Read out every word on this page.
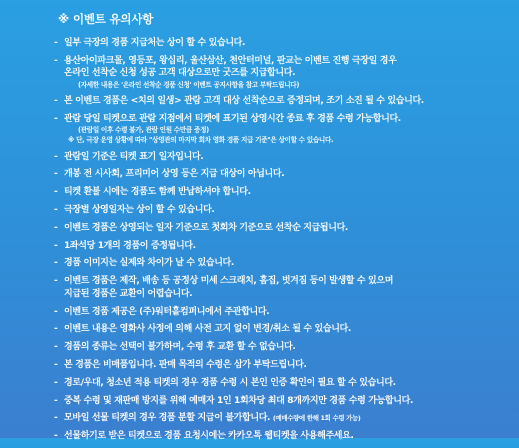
※ 이벤트 유의사항
- 일부 극장의 경품 지급처는 상이 할 수 있습니다.
- 용산아이파크몰, 영등포, 왕십리, 울산삼산, 천안터미널, 판교는 이벤트 진행 극장일 경우
온라인 선착순 신청 성공 고객 대상으로만 굿즈를 지급합니다.
(자세한 내용은 '온라인 선착순 경품 신청' 이벤트 공지사항을 참고 부탁드립니다)
- 본 이벤트 경품은 <치의 일생> 관람 고객 대상 선착순으로 증정되며, 조기 소진 될 수 있습니다.
- 관람 당일 티켓으로 관람 지점에서 티켓에 표기된 상영시간 종료 후 경품 수령 가능합니다.
(관람일 이후 수령 불가, 관람 인원 수만큼 증정)
※ 단, 극장 운영 상황에 따라 "상영관의 마지막 회차 영화 경품 지급 기준"은 상이할 수 있습니다.
- 관람일 기준은 티켓 표기 일자입니다.
- 개봉 전 시사회, 프리미어 상영 등은 지급 대상이 아닙니다.
- 티켓 환불 시에는 경품도 함께 반납하셔야 합니다.
- 극장별 상영일자는 상이 할 수 있습니다.
- 이벤트 경품은 상영되는 일자 기준으로 첫회차 기준으로 선착순 지급됩니다.
- 1좌석당 1개의 경품이 증정됩니다.
- 경품 이미지는 실제와 차이가 날 수 있습니다.
- 이벤트 경품은 제작, 배송 등 공정상 미세 스크래치, 흠집, 벗겨짐 등이 발생할 수 있으며
지급된 경품은 교환이 어렵습니다.
- 이벤트 경품 제공은 (주)워터홀컴퍼니에서 주관합니다.
- 이벤트 내용은 영화사 사정에 의해 사전 고지 없이 변경/취소 될 수 있습니다.
- 경품의 종류는 선택이 불가하며, 수령 후 교환 할 수 없습니다.
- 본 경품은 비매품입니다. 판매 목적의 수령은 삼가 부탁드립니다.
- 경로/우대, 청소년 적용 티켓의 경우 경품 수령 시 본인 인증 확인이 필요 할 수 있습니다.
- 중복 수령 및 재판매 방지를 위해 예매자 1인 1회차당 최대 8개까지만 경품 수령 가능합니다.
- 모바일 선물 티켓의 경우 경품 분할 지급이 불가합니다. (예매수량에 한해 1회 수령 가능)
- 선물하기로 받은 티켓으로 경품 요청시에는 카카오톡 웹티켓을 사용해주세요.
